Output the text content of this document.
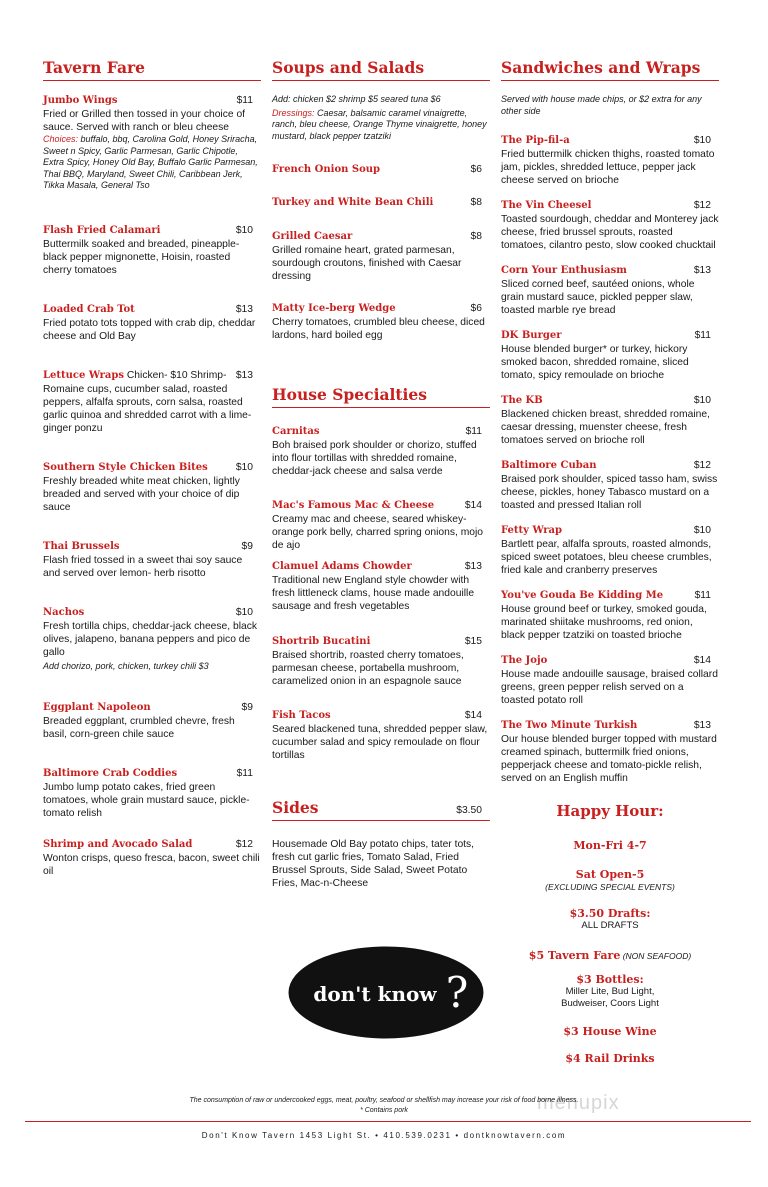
Tavern Fare
Jumbo Wings	$11
Fried or Grilled then tossed in your choice of sauce. Served with ranch or bleu cheese
Choices: buffalo, bbq, Carolina Gold, Honey Sriracha, Sweet n Spicy, Garlic Parmesan, Garlic Chipotle, Extra Spicy, Honey Old Bay, Buffalo Garlic Parmesan, Thai BBQ, Maryland, Sweet Chili, Caribbean Jerk, Tikka Masala, General Tso
Flash Fried Calamari	$10
Buttermilk soaked and breaded, pineapple-black pepper mignonette, Hoisin, roasted cherry tomatoes
Loaded Crab Tot	$13
Fried potato tots topped with crab dip, cheddar cheese and Old Bay
Lettuce Wraps Chicken- $10 Shrimp- $13
Romaine cups, cucumber salad, roasted peppers, alfalfa sprouts, corn salsa, roasted garlic quinoa and shredded carrot with a lime-ginger ponzu
Southern Style Chicken Bites	$10
Freshly breaded white meat chicken, lightly breaded and served with your choice of dip sauce
Thai Brussels	$9
Flash fried tossed in a sweet thai soy sauce and served over lemon- herb risotto
Nachos	$10
Fresh tortilla chips, cheddar-jack cheese, black olives, jalapeno, banana peppers and pico de gallo
Add chorizo, pork, chicken, turkey chili $3
Eggplant Napoleon	$9
Breaded eggplant, crumbled chevre, fresh basil, corn-green chile sauce
Baltimore Crab Coddies	$11
Jumbo lump potato cakes, fried green tomatoes, whole grain mustard sauce, pickle-tomato relish
Shrimp and Avocado Salad	$12
Wonton crisps, queso fresca, bacon, sweet chili oil
Soups and Salads
Add: chicken $2 shrimp $5 seared tuna $6
Dressings: Caesar, balsamic caramel vinaigrette, ranch, bleu cheese, Orange Thyme vinaigrette, honey mustard, black pepper tzatziki
French Onion Soup	$6
Turkey and White Bean Chili	$8
Grilled Caesar	$8
Grilled romaine heart, grated parmesan, sourdough croutons, finished with Caesar dressing
Matty Ice-berg Wedge	$6
Cherry tomatoes, crumbled bleu cheese, diced lardons, hard boiled egg
House Specialties
Carnitas	$11
Boh braised pork shoulder or chorizo, stuffed into flour tortillas with shredded romaine, cheddar-jack cheese and salsa verde
Mac's Famous Mac & Cheese	$14
Creamy mac and cheese, seared whiskey-orange pork belly, charred spring onions, mojo de ajo
Clamuel Adams Chowder	$13
Traditional new England style chowder with fresh littleneck clams, house made andouille sausage and fresh vegetables
Shortrib Bucatini	$15
Braised shortrib, roasted cherry tomatoes, parmesan cheese, portabella mushroom, caramelized onion in an espagnole sauce
Fish Tacos	$14
Seared blackened tuna, shredded pepper slaw, cucumber salad and spicy remoulade on flour tortillas
Sides	$3.50
Housemade Old Bay potato chips, tater tots, fresh cut garlic fries, Tomato Salad, Fried Brussel Sprouts, Side Salad, Sweet Potato Fries, Mac-n-Cheese
Sandwiches and Wraps
Served with house made chips, or $2 extra for any other side
The Pip-fil-a	$10
Fried buttermilk chicken thighs, roasted tomato jam, pickles, shredded lettuce, pepper jack cheese served on brioche
The Vin Cheesel	$12
Toasted sourdough, cheddar and Monterey jack cheese, fried brussel sprouts, roasted tomatoes, cilantro pesto, slow cooked chucktail
Corn Your Enthusiasm	$13
Sliced corned beef, sautéed onions, whole grain mustard sauce, pickled pepper slaw, toasted marble rye bread
DK Burger	$11
House blended burger* or turkey, hickory smoked bacon, shredded romaine, sliced tomato, spicy remoulade on brioche
The KB	$10
Blackened chicken breast, shredded romaine, caesar dressing, muenster cheese, fresh tomatoes served on brioche roll
Baltimore Cuban	$12
Braised pork shoulder, spiced tasso ham, swiss cheese, pickles, honey Tabasco mustard on a toasted and pressed Italian roll
Fetty Wrap	$10
Bartlett pear, alfalfa sprouts, roasted almonds, spiced sweet potatoes, bleu cheese crumbles, fried kale and cranberry preserves
You've Gouda Be Kidding Me	$11
House ground beef or turkey, smoked gouda, marinated shiitake mushrooms, red onion, black pepper tzatziki on toasted brioche
The Jojo	$14
House made andouille sausage, braised collard greens, green pepper relish served on a toasted potato roll
The Two Minute Turkish	$13
Our house blended burger topped with mustard creamed spinach, buttermilk fried onions, pepperjack cheese and tomato-pickle relish, served on an English muffin
Happy Hour:
Mon-Fri 4-7
Sat Open-5
(EXCLUDING SPECIAL EVENTS)
$3.50 Drafts:
ALL DRAFTS
$5 Tavern Fare (NON SEAFOOD)
$3 Bottles:
Miller Lite, Bud Light,
Budweiser, Coors Light
$3 House Wine
$4 Rail Drinks
don't know ?
menupix
The consumption of raw or undercooked eggs, meat, poultry, seafood or shellfish may increase your risk of food borne illness.
* Contains pork
Don't Know Tavern 1453 Light St. • 410.539.0231 • dontknowtavern.com
